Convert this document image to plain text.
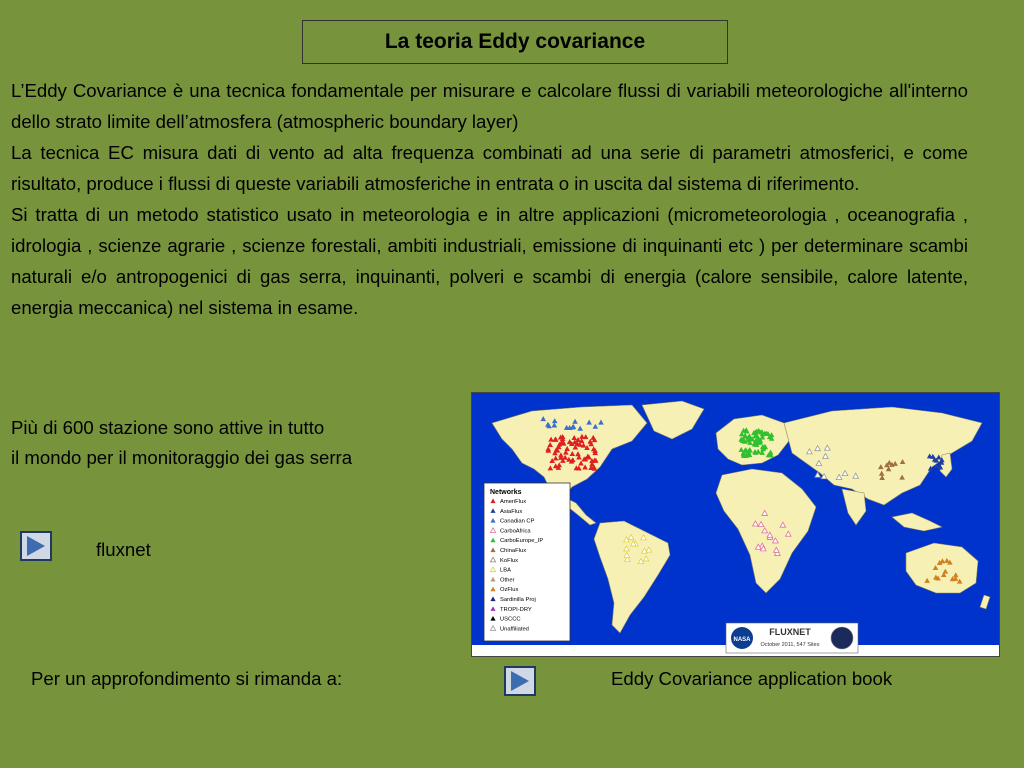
La teoria Eddy covariance

L’Eddy Covariance è una tecnica fondamentale per misurare e calcolare flussi di variabili meteorologiche all'interno dello strato limite dell’atmosfera (atmospheric boundary layer)

La tecnica EC misura dati di vento ad alta frequenza combinati ad una serie di parametri atmosferici, e come risultato, produce i flussi di queste variabili atmosferiche in entrata o in uscita dal sistema di riferimento.

Si tratta di un metodo statistico usato in meteorologia e in altre applicazioni (micrometeorologia , oceanografia , idrologia , scienze agrarie , scienze forestali, ambiti industriali, emissione di inquinanti etc ) per determinare scambi naturali e/o antropogenici di gas serra, inquinanti, polveri e scambi di energia (calore sensibile, calore latente, energia meccanica) nel sistema in esame.

Più di 600 stazione sono attive in tutto

il mondo per il monitoraggio dei gas serra

fluxnet
Per un approfondimento si rimanda a:	Eddy Covariance application book
Networks
AmeriFlux
AsiaFlux
Canadian CP
CarboAfrica
CarboEurope_IP
ChinaFlux
KoFlux
LBA
Other
OzFlux
Sardinilla Proj
TROPI-DRY
USCCC
Unaffiliated
NASA
FLUXNET
October 2011, 547 Sites
